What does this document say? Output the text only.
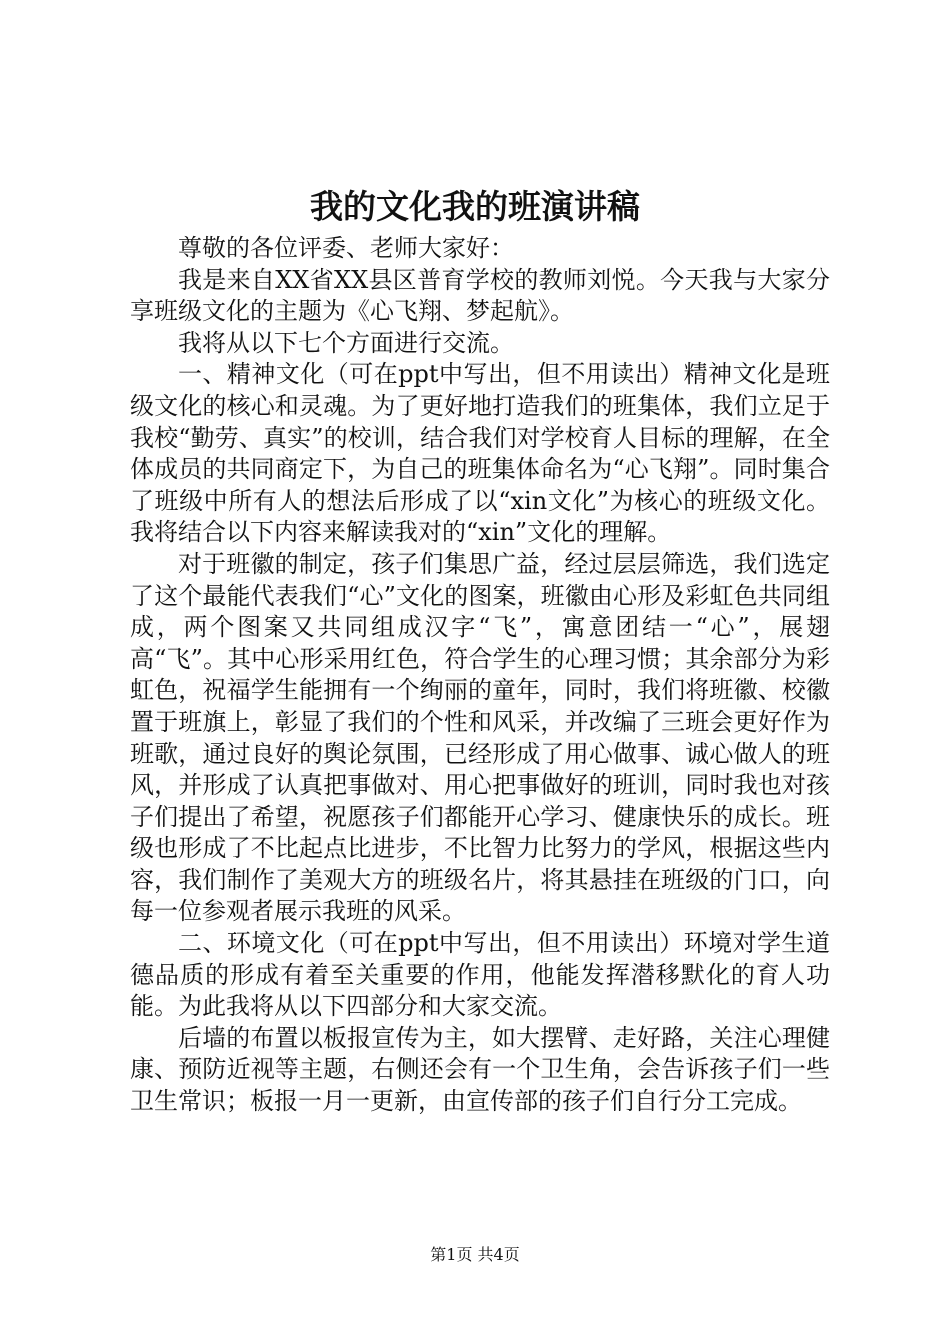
我的文化我的班演讲稿

尊敬的各位评委、老师大家好：

我是来自XX省XX县区普育学校的教师刘悦。今天我与大家分享班级文化的主题为《心飞翔、梦起航》。

我将从以下七个方面进行交流。

一、精神文化（可在ppt中写出，但不用读出）精神文化是班级文化的核心和灵魂。为了更好地打造我们的班集体，我们立足于我校“勤劳、真实”的校训，结合我们对学校育人目标的理解，在全体成员的共同商定下，为自己的班集体命名为“心飞翔”。同时集合了班级中所有人的想法后形成了以“xin文化”为核心的班级文化。我将结合以下内容来解读我对的“xin”文化的理解。

对于班徽的制定，孩子们集思广益，经过层层筛选，我们选定了这个最能代表我们“心”文化的图案，班徽由心形及彩虹色共同组成，两个图案又共同组成汉字“飞”，寓意团结一“心”，展翅高“飞”。其中心形采用红色，符合学生的心理习惯；其余部分为彩虹色，祝福学生能拥有一个绚丽的童年，同时，我们将班徽、校徽置于班旗上，彰显了我们的个性和风采，并改编了三班会更好作为班歌，通过良好的舆论氛围，已经形成了用心做事、诚心做人的班风，并形成了认真把事做对、用心把事做好的班训，同时我也对孩子们提出了希望，祝愿孩子们都能开心学习、健康快乐的成长。班级也形成了不比起点比进步，不比智力比努力的学风，根据这些内容，我们制作了美观大方的班级名片，将其悬挂在班级的门口，向每一位参观者展示我班的风采。

二、环境文化（可在ppt中写出，但不用读出）环境对学生道德品质的形成有着至关重要的作用，他能发挥潜移默化的育人功能。为此我将从以下四部分和大家交流。

后墙的布置以板报宣传为主，如大摆臂、走好路，关注心理健康、预防近视等主题，右侧还会有一个卫生角，会告诉孩子们一些卫生常识；板报一月一更新，由宣传部的孩子们自行分工完成。

第1页 共4页
